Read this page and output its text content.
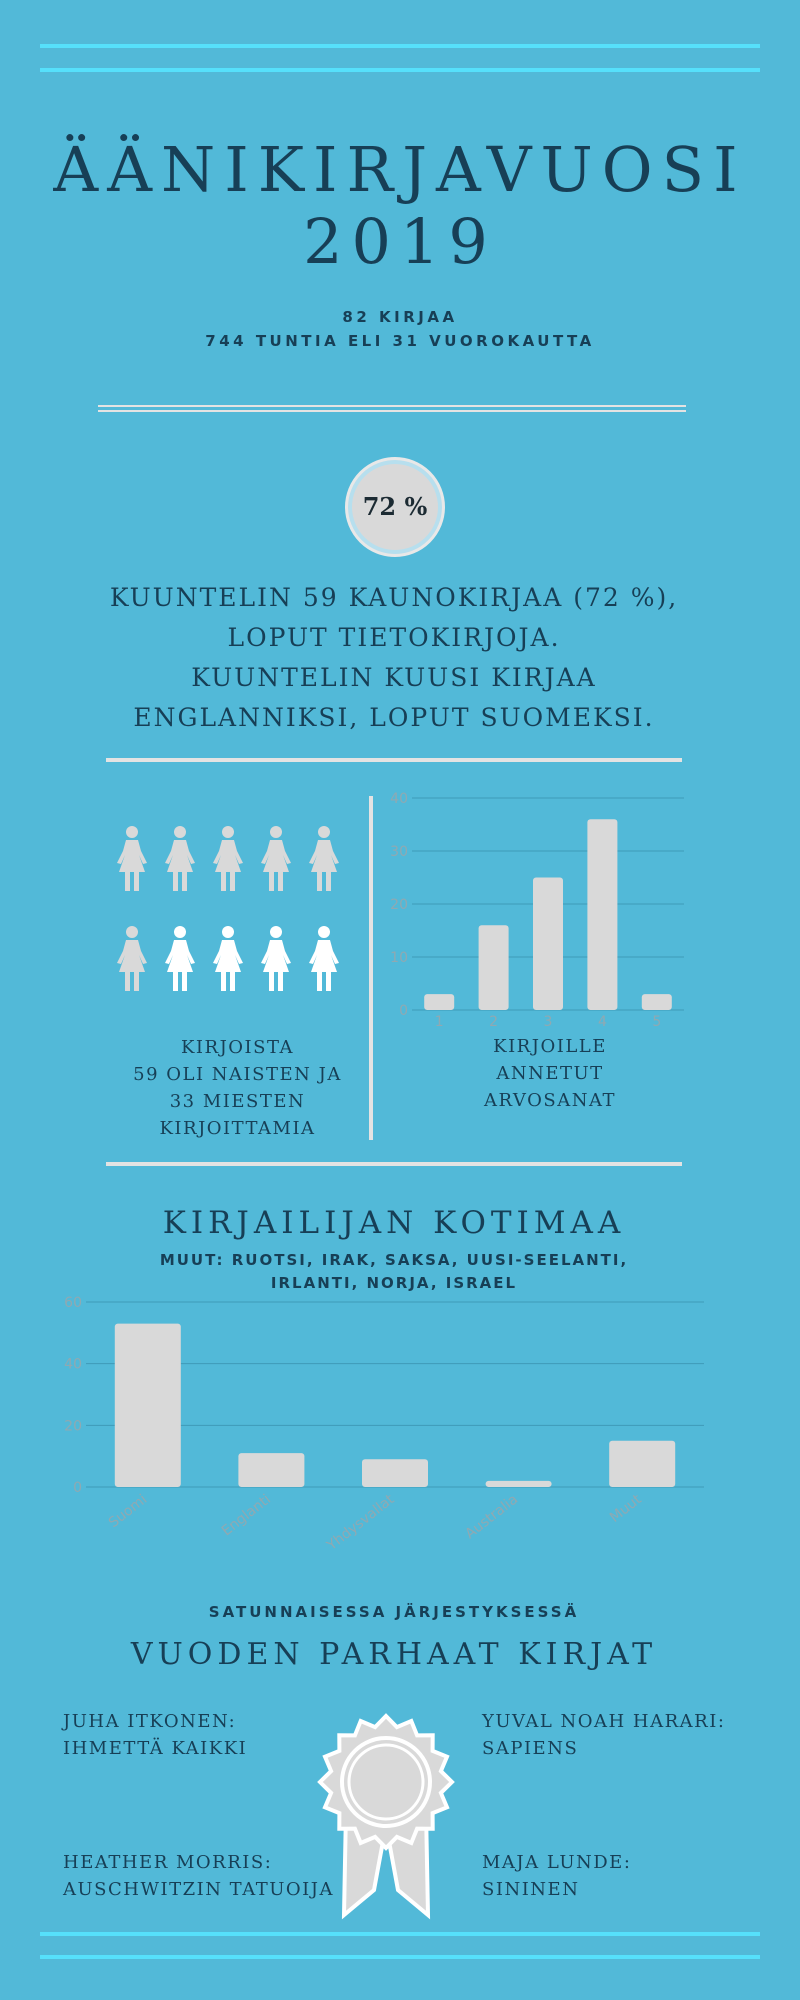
ÄÄNIKIRJAVUOSI
2019
82 KIRJAA
744 TUNTIA ELI 31 VUOROKAUTTA
72 %
KUUNTELIN 59 KAUNOKIRJAA (72 %),
LOPUT TIETOKIRJOJA.
KUUNTELIN KUUSI KIRJAA
ENGLANNIKSI, LOPUT SUOMEKSI.
KIRJOISTA
59 OLI NAISTEN JA
33 MIESTEN
KIRJOITTAMIA
0
10
20
30
40
1	2	3	4	5
KIRJOILLE
ANNETUT
ARVOSANAT
KIRJAILIJAN KOTIMAA
MUUT: RUOTSI, IRAK, SAKSA, UUSI-SEELANTI,
IRLANTI, NORJA, ISRAEL
0
20
40
60
Suomi	Englanti	Yhdysvallat	Australia	Muut
SATUNNAISESSA JÄRJESTYKSESSÄ
VUODEN PARHAAT KIRJAT
JUHA ITKONEN:
IHMETTÄ KAIKKI
YUVAL NOAH HARARI:
SAPIENS
HEATHER MORRIS:
AUSCHWITZIN TATUOIJA
MAJA LUNDE:
SININEN
